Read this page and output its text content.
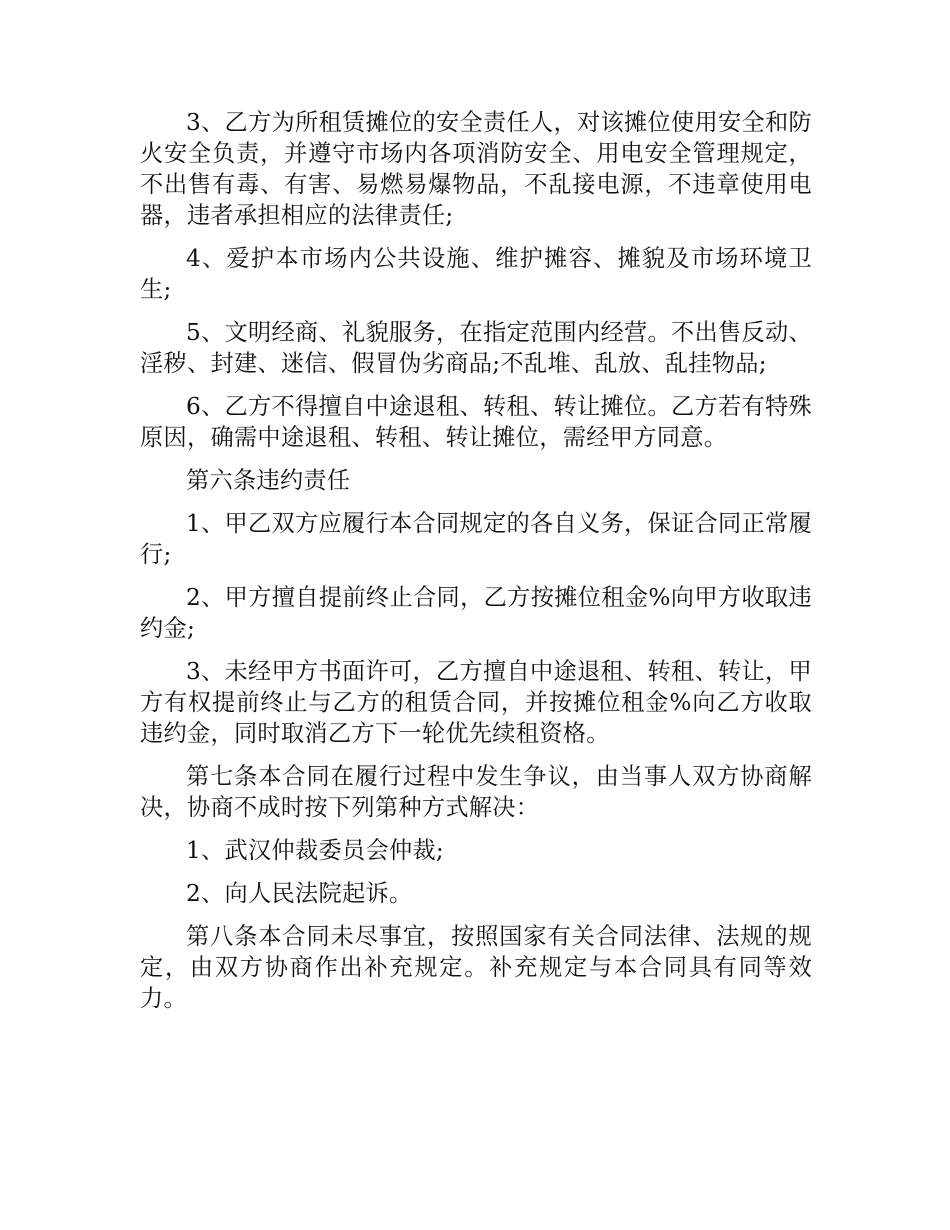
3、乙方为所租赁摊位的安全责任人，对该摊位使用安全和防火安全负责，并遵守市场内各项消防安全、用电安全管理规定，不出售有毒、有害、易燃易爆物品，不乱接电源，不违章使用电器，违者承担相应的法律责任;

4、爱护本市场内公共设施、维护摊容、摊貌及市场环境卫生;

5、文明经商、礼貌服务，在指定范围内经营。不出售反动、淫秽、封建、迷信、假冒伪劣商品;不乱堆、乱放、乱挂物品;

6、乙方不得擅自中途退租、转租、转让摊位。乙方若有特殊原因，确需中途退租、转租、转让摊位，需经甲方同意。

第六条违约责任

1、甲乙双方应履行本合同规定的各自义务，保证合同正常履行;

2、甲方擅自提前终止合同，乙方按摊位租金%向甲方收取违约金;

3、未经甲方书面许可，乙方擅自中途退租、转租、转让，甲方有权提前终止与乙方的租赁合同，并按摊位租金%向乙方收取违约金，同时取消乙方下一轮优先续租资格。

第七条本合同在履行过程中发生争议，由当事人双方协商解决，协商不成时按下列第种方式解决：

1、武汉仲裁委员会仲裁;

2、向人民法院起诉。

第八条本合同未尽事宜，按照国家有关合同法律、法规的规定，由双方协商作出补充规定。补充规定与本合同具有同等效力。
